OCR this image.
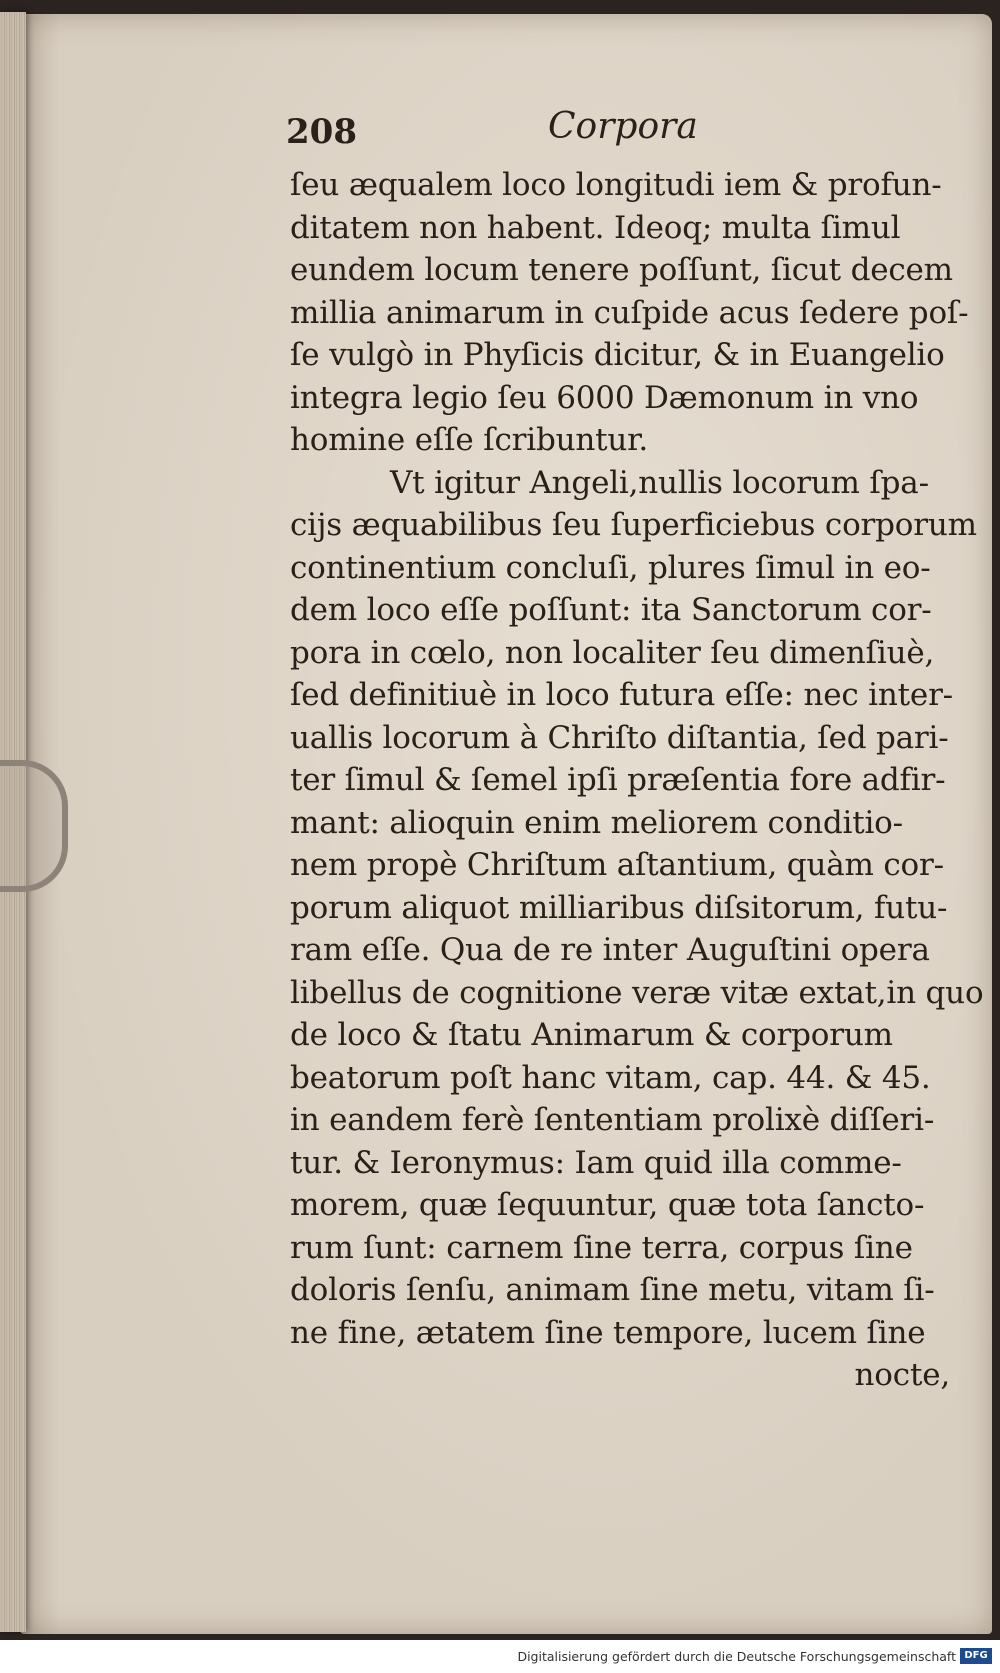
208	Corpora
ſeu æqualem loco longitudi iem & profun-
ditatem non habent. Ideoq; multa ſimul
eundem locum tenere poſſunt, ſicut decem
millia animarum in cuſpide acus ſedere poſ-
ſe vulgò in Phyſicis dicitur, & in Euangelio
integra legio ſeu 6000 Dæmonum in vno
homine eſſe ſcribuntur.
Vt igitur Angeli,nullis locorum ſpa-
cijs æquabilibus ſeu ſuperficiebus corporum
continentium concluſi, plures ſimul in eo-
dem loco eſſe poſſunt: ita Sanctorum cor-
pora in cœlo, non localiter ſeu dimenſiuè,
ſed definitiuè in loco futura eſſe: nec inter-
uallis locorum à Chriſto diſtantia, ſed pari-
ter ſimul & ſemel ipſi præſentia fore adfir-
mant: alioquin enim meliorem conditio-
nem propè Chriſtum aſtantium, quàm cor-
porum aliquot milliaribus diſsitorum, futu-
ram eſſe. Qua de re inter Auguſtini opera
libellus de cognitione veræ vitæ extat,in quo
de loco & ſtatu Animarum & corporum
beatorum poſt hanc vitam, cap. 44. & 45.
in eandem ferè ſententiam prolixè diſſeri-
tur. & Ieronymus: Iam quid illa comme-
morem, quæ ſequuntur, quæ tota ſancto-
rum ſunt: carnem ſine terra, corpus ſine
doloris ſenſu, animam ſine metu, vitam ſi-
ne fine, ætatem ſine tempore, lucem ſine
nocte,
Digitalisierung gefördert durch die Deutsche Forschungsgemeinschaft DFG
